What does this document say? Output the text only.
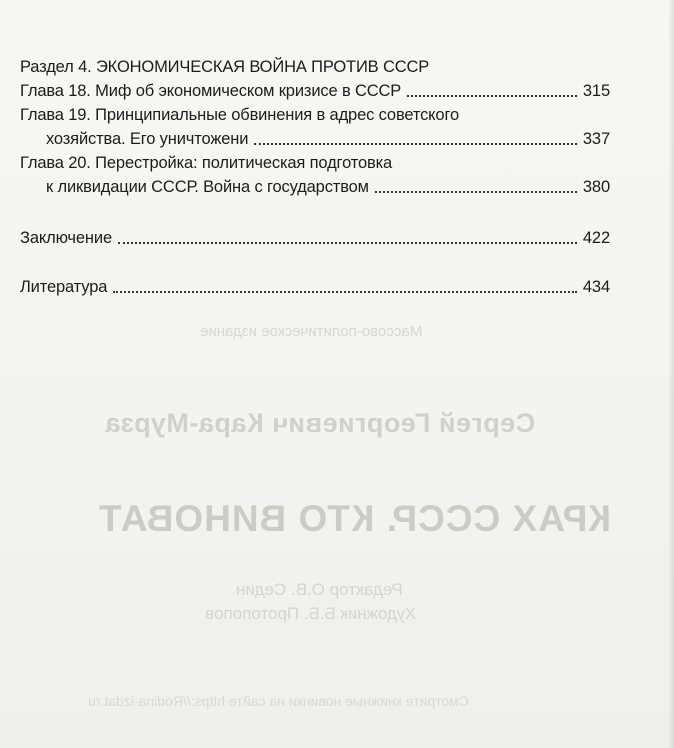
Раздел 4. ЭКОНОМИЧЕСКАЯ ВОЙНА ПРОТИВ СССР
Глава 18. Миф об экономическом кризисе в СССР	315
Глава 19. Принципиальные обвинения в адрес советского
хозяйства. Его уничтожени	337
Глава 20. Перестройка: политическая подготовка
к ликвидации СССР. Война с государством	380
Заключение	422
Литература	434
Массово-политическое издание
Сергей Георгиевич Кара-Мурза
КРАХ СССР. КТО ВИНОВАТ
Редактор О.В. Седин
Художник Б.Б. Протопопов
Смотрите книжные новинки на сайте https://Rodina-izdat.ru
